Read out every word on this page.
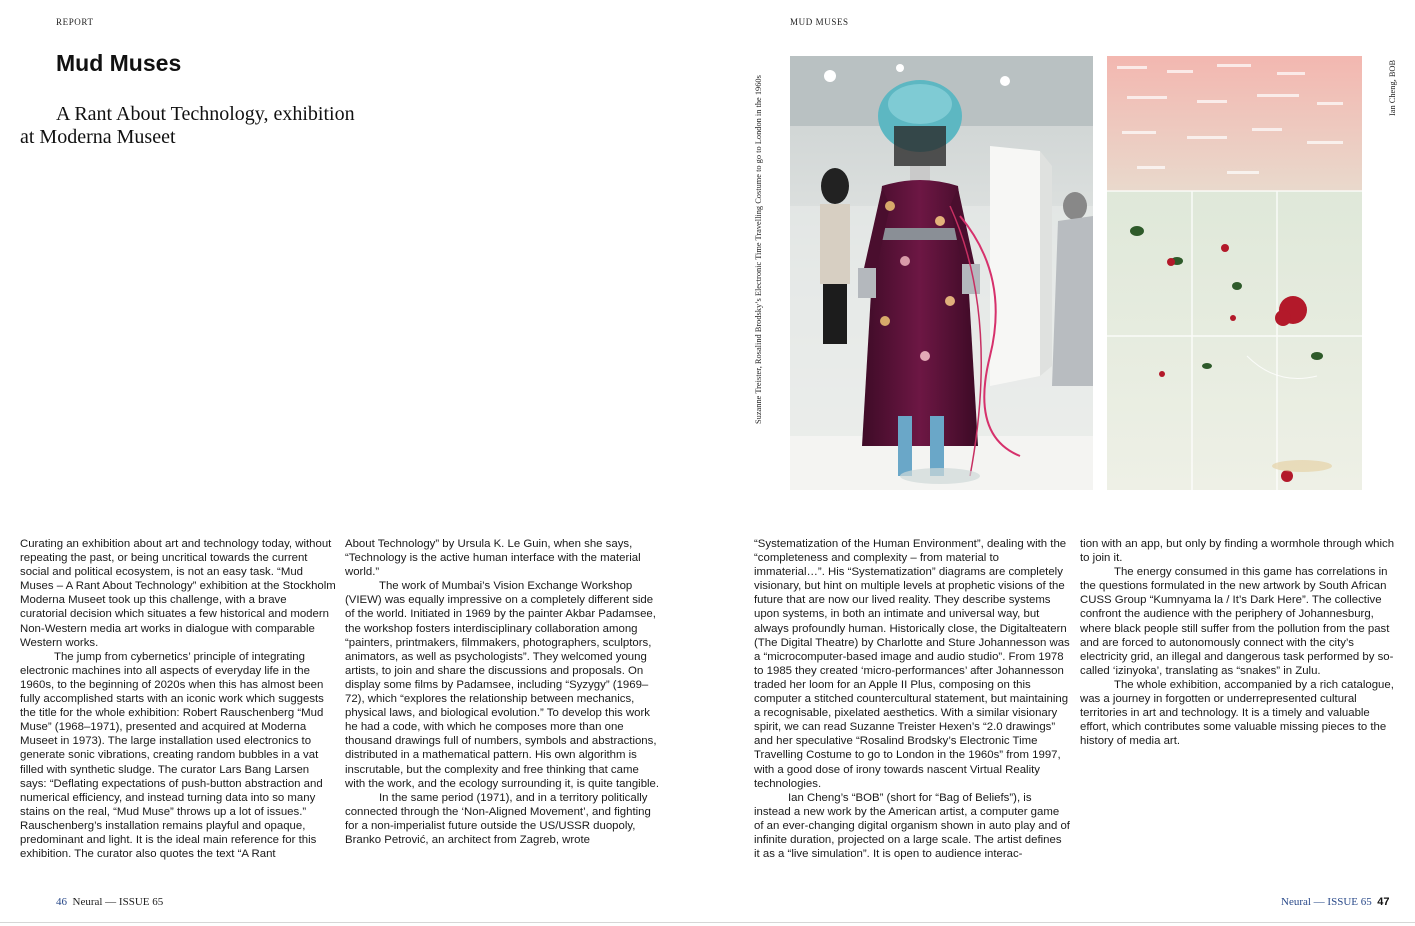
REPORT
Mud Muses
A Rant About Technology, exhibition
at Moderna Museet

Curating an exhibition about art and technology today, without repeating the past, or being uncritical towards the current social and political ecosystem, is not an easy task. “Mud Muses – A Rant About Technology” exhibition at the Stockholm Moderna Museet took up this challenge, with a brave curatorial decision which situates a few historical and modern Non-Western media art works in dialogue with comparable Western works.

The jump from cybernetics’ principle of integrating electronic machines into all aspects of everyday life in the 1960s, to the beginning of 2020s when this has almost been fully accomplished starts with an iconic work which suggests the title for the whole exhibition: Robert Rauschenberg “Mud Muse” (1968–1971), presented and acquired at Moderna Museet in 1973). The large installation used electronics to generate sonic vibrations, creating random bubbles in a vat filled with synthetic sludge. The curator Lars Bang Larsen says: “Deflating expectations of push-button abstraction and numerical efficiency, and instead turning data into so many stains on the real, “Mud Muse” throws up a lot of issues.” Rauschenberg’s installation remains playful and opaque, predominant and light. It is the ideal main reference for this exhibition. The curator also quotes the text “A Rant

About Technology” by Ursula K. Le Guin, when she says, “Technology is the active human interface with the material world.”

The work of Mumbai’s Vision Exchange Workshop (VIEW) was equally impressive on a completely different side of the world. Initiated in 1969 by the painter Akbar Padamsee, the workshop fosters interdisciplinary collaboration among “painters, printmakers, filmmakers, photographers, sculptors, animators, as well as psychologists”. They welcomed young artists, to join and share the discussions and proposals. On display some films by Padamsee, including “Syzygy” (1969–72), which “explores the relationship between mechanics, physical laws, and biological evolution.” To develop this work he had a code, with which he composes more than one thousand drawings full of numbers, symbols and abstractions, distributed in a mathematical pattern. His own algorithm is inscrutable, but the complexity and free thinking that came with the work, and the ecology surrounding it, is quite tangible.

In the same period (1971), and in a territory politically connected through the ‘Non-Aligned Movement’, and fighting for a non-imperialist future outside the US/USSR duopoly, Branko Petrović, an architect from Zagreb, wrote

46 Neural — ISSUE 65
MUD MUSES
Suzanne Treister, Rosalind Brodsky’s Electronic Time Travelling Costume to go to London in the 1960s	Ian Cheng, BOB

“Systematization of the Human Environment”, dealing with the “completeness and complexity – from material to immaterial…”. His “Systematization” diagrams are completely visionary, but hint on multiple levels at prophetic visions of the future that are now our lived reality. They describe systems upon systems, in both an intimate and universal way, but always profoundly human. Historically close, the Digitalteatern (The Digital Theatre) by Charlotte and Sture Johannesson was a “microcomputer-based image and audio studio”. From 1978 to 1985 they created ‘micro-performances’ after Johannesson traded her loom for an Apple II Plus, composing on this computer a stitched countercultural statement, but maintaining a recognisable, pixelated aesthetics. With a similar visionary spirit, we can read Suzanne Treister Hexen’s “2.0 drawings” and her speculative “Rosalind Brodsky’s Electronic Time Travelling Costume to go to London in the 1960s” from 1997, with a good dose of irony towards nascent Virtual Reality technologies.

Ian Cheng’s “BOB” (short for “Bag of Beliefs”), is instead a new work by the American artist, a computer game of an ever-changing digital organism shown in auto play and of infinite duration, projected on a large scale. The artist defines it as a “live simulation”. It is open to audience interac-

tion with an app, but only by finding a wormhole through which to join it.

The energy consumed in this game has correlations in the questions formulated in the new artwork by South African CUSS Group “Kumnyama la / It’s Dark Here”. The collective confront the audience with the periphery of Johannesburg, where black people still suffer from the pollution from the past and are forced to autonomously connect with the city’s electricity grid, an illegal and dangerous task performed by so-called ‘izinyoka’, translating as “snakes” in Zulu.

The whole exhibition, accompanied by a rich catalogue, was a journey in forgotten or underrepresented cultural territories in art and technology. It is a timely and valuable effort, which contributes some valuable missing pieces to the history of media art.

Neural — ISSUE 65 47
